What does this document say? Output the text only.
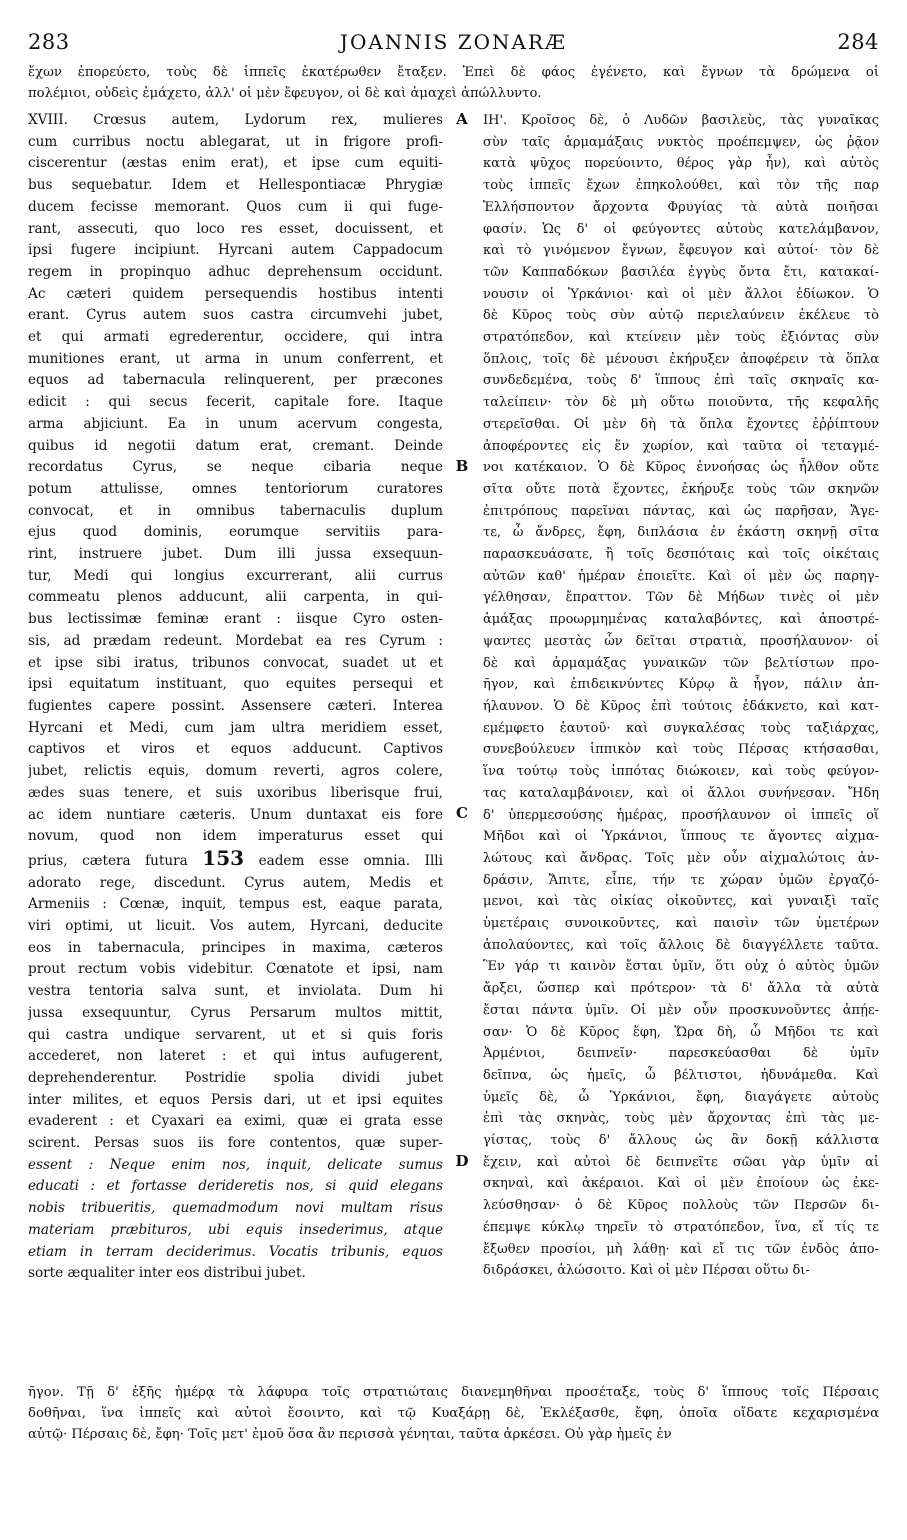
283	JOANNIS ZONARÆ	284
ἔχων ἐπορεύετο, τοὺς δὲ ἱππεῖς ἑκατέρωθεν ἔταξεν. Ἐπεὶ δὲ φάος ἐγένετο, καὶ ἔγνων τὰ δρώμενα οἱ
πολέμιοι, οὐδεὶς ἐμάχετο, ἀλλ' οἱ μὲν ἔφευγον, οἱ δὲ καὶ ἀμαχεὶ ἀπώλλυντο.
XVIII. Crœsus autem, Lydorum rex, mulieres
cum curribus noctu ablegarat, ut in frigore profi-
ciscerentur (æstas enim erat), et ipse cum equiti-
bus sequebatur. Idem et Hellespontiacæ Phrygiæ
ducem fecisse memorant. Quos cum ii qui fuge-
rant, assecuti, quo loco res esset, docuissent, et
ipsi fugere incipiunt. Hyrcani autem Cappadocum
regem in propinquo adhuc deprehensum occidunt.
Ac cæteri quidem persequendis hostibus intenti
erant. Cyrus autem suos castra circumvehi jubet,
et qui armati egrederentur, occidere, qui intra
munitiones erant, ut arma in unum conferrent, et
equos ad tabernacula relinquerent, per præcones
edicit : qui secus fecerit, capitale fore. Itaque
arma abjiciunt. Ea in unum acervum congesta,
quibus id negotii datum erat, cremant. Deinde
recordatus Cyrus, se neque cibaria neque
potum attulisse, omnes tentoriorum curatores
convocat, et in omnibus tabernaculis duplum
ejus quod dominis, eorumque servitiis para-
rint, instruere jubet. Dum illi jussa exsequun-
tur, Medi qui longius excurrerant, alii currus
commeatu plenos adducunt, alii carpenta, in qui-
bus lectissimæ feminæ erant : iisque Cyro osten-
sis, ad prædam redeunt. Mordebat ea res Cyrum :
et ipse sibi iratus, tribunos convocat, suadet ut et
ipsi equitatum instituant, quo equites persequi et
fugientes capere possint. Assensere cæteri. Interea
Hyrcani et Medi, cum jam ultra meridiem esset,
captivos et viros et equos adducunt. Captivos
jubet, relictis equis, domum reverti, agros colere,
ædes suas tenere, et suis uxoribus liberisque frui,
ac idem nuntiare cæteris. Unum duntaxat eis fore
novum, quod non idem imperaturus esset qui
prius, cætera futura 153 eadem esse omnia. Illi
adorato rege, discedunt. Cyrus autem, Medis et
Armeniis : Cœnæ, inquit, tempus est, eaque parata,
viri optimi, ut licuit. Vos autem, Hyrcani, deducite
eos in tabernacula, principes in maxima, cæteros
prout rectum vobis videbitur. Cœnatote et ipsi, nam
vestra tentoria salva sunt, et inviolata. Dum hi
jussa exsequuntur, Cyrus Persarum multos mittit,
qui castra undique servarent, ut et si quis foris
accederet, non lateret : et qui intus aufugerent,
deprehenderentur. Postridie spolia dividi jubet
inter milites, et equos Persis dari, ut et ipsi equites
evaderent : et Cyaxari ea eximi, quæ ei grata esse
scirent. Persas suos iis fore contentos, quæ super-
essent : Neque enim nos, inquit, delicate sumus
educati : et fortasse derideretis nos, si quid elegans
nobis tribueritis, quemadmodum novi multam risus
materiam præbituros, ubi equis insederimus, atque
etiam in terram deciderimus. Vocatis tribunis, equos
sorte æqualiter inter eos distribui jubet.
A
B
C
D
ΙΗ'. Κροῖσος δὲ, ὁ Λυδῶν βασιλεὺς, τὰς γυναῖκας
σὺν ταῖς ἁρμαμάξαις νυκτὸς προέπεμψεν, ὡς ῥᾷον
κατὰ ψῦχος πορεύοιντο, θέρος γὰρ ἦν), καὶ αὐτὸς
τοὺς ἱππεῖς ἔχων ἐπηκολούθει, καὶ τὸν τῆς παρ
Ἑλλήσποντον ἄρχοντα Φρυγίας τὰ αὐτὰ ποιῆσαι
φασίν. Ὡς δ' οἱ φεύγοντες αὐτοὺς κατελάμβανον,
καὶ τὸ γινόμενον ἔγνων, ἔφευγον καὶ αὐτοί· τὸν δὲ
τῶν Καππαδόκων βασιλέα ἐγγὺς ὄντα ἔτι, κατακαί-
νουσιν οἱ Ὑρκάνιοι· καὶ οἱ μὲν ἄλλοι ἐδίωκον. Ὁ
δὲ Κῦρος τοὺς σὺν αὐτῷ περιελαύνειν ἐκέλευε τὸ
στρατόπεδον, καὶ κτείνειν μὲν τοὺς ἐξιόντας σὺν
ὅπλοις, τοῖς δὲ μένουσι ἐκήρυξεν ἀποφέρειν τὰ ὅπλα
συνδεδεμένα, τοὺς δ' ἵππους ἐπὶ ταῖς σκηναῖς κα-
ταλείπειν· τὸν δὲ μὴ οὕτω ποιοῦντα, τῆς κεφαλῆς
στερεῖσθαι. Οἱ μὲν δὴ τὰ ὅπλα ἔχοντες ἐῤῥίπτουν
ἀποφέροντες εἰς ἕν χωρίον, καὶ ταῦτα οἱ τεταγμέ-
νοι κατέκαιον. Ὁ δὲ Κῦρος ἐννοήσας ὡς ἦλθον οὔτε
σῖτα οὔτε ποτὰ ἔχοντες, ἐκήρυξε τοὺς τῶν σκηνῶν
ἐπιτρόπους παρεῖναι πάντας, καὶ ὡς παρῆσαν, Ἄγε-
τε, ὦ ἄνδρες, ἔφη, διπλάσια ἐν ἑκάστη σκηνῇ σῖτα
παρασκευάσατε, ἢ τοῖς δεσπόταις καὶ τοῖς οἰκέταις
αὐτῶν καθ' ἡμέραν ἐποιεῖτε. Καὶ οἱ μὲν ὡς παρηγ-
γέλθησαν, ἔπραττον. Τῶν δὲ Μήδων τινὲς οἱ μὲν
ἁμάξας προωρμημένας καταλαβόντες, καὶ ἀποστρέ-
ψαντες μεστὰς ὧν δεῖται στρατιὰ, προσήλαυνον· οἱ
δὲ καὶ ἁρμαμάξας γυναικῶν τῶν βελτίστων προ-
ῆγον, καὶ ἐπιδεικνύντες Κύρῳ ἃ ἦγον, πάλιν ἀπ-
ήλαυνον. Ὁ δὲ Κῦρος ἐπὶ τούτοις ἐδάκνετο, καὶ κατ-
εμέμφετο ἑαυτοῦ· καὶ συγκαλέσας τοὺς ταξιάρχας,
συνεβούλευεν ἱππικὸν καὶ τοὺς Πέρσας κτήσασθαι,
ἵνα τούτῳ τοὺς ἱππότας διώκοιεν, καὶ τοὺς φεύγον-
τας καταλαμβάνοιεν, καὶ οἱ ἄλλοι συνήνεσαν. Ἤδη
δ' ὑπερμεσούσης ἡμέρας, προσήλαυνον οἱ ἱππεῖς οἵ
Μῆδοι καὶ οἱ Ὑρκάνιοι, ἵππους τε ἄγοντες αἰχμα-
λώτους καὶ ἄνδρας. Τοῖς μὲν οὖν αἰχμαλώτοις ἀν-
δράσιν, Ἄπιτε, εἶπε, τήν τε χώραν ὑμῶν ἐργαζό-
μενοι, καὶ τὰς οἰκίας οἰκοῦντες, καὶ γυναιξὶ ταῖς
ὑμετέραις συνοικοῦντες, καὶ παισὶν τῶν ὑμετέρων
ἀπολαύοντες, καὶ τοῖς ἄλλοις δὲ διαγγέλλετε ταῦτα.
Ἓν γάρ τι καινὸν ἔσται ὑμῖν, ὅτι οὐχ ὁ αὐτὸς ὑμῶν
ἄρξει, ὥσπερ καὶ πρότερον· τὰ δ' ἄλλα τὰ αὐτὰ
ἔσται πάντα ὑμῖν. Οἱ μὲν οὖν προσκυνοῦντες ἀπῄε-
σαν· Ὁ δὲ Κῦρος ἔφη, Ὥρα δὴ, ὦ Μῆδοι τε καὶ
Ἀρμένιοι, δειπνεῖν· παρεσκεύασθαι δὲ ὑμῖν
δεῖπνα, ὡς ἡμεῖς, ὦ βέλτιστοι, ἠδυνάμεθα. Καὶ
ὑμεῖς δὲ, ὦ Ὑρκάνιοι, ἔφη, διαγάγετε αὐτοὺς
ἐπὶ τὰς σκηνὰς, τοὺς μὲν ἄρχοντας ἐπὶ τὰς με-
γίστας, τοὺς δ' ἄλλους ὡς ἂν δοκῇ κάλλιστα
ἔχειν, καὶ αὐτοὶ δὲ δειπνεῖτε σῶαι γὰρ ὑμῖν αἱ
σκηναὶ, καὶ ἀκέραιοι. Καὶ οἱ μὲν ἐποίουν ὡς ἐκε-
λεύσθησαν· ὁ δὲ Κῦρος πολλοὺς τῶν Περσῶν δι-
έπεμψε κύκλῳ τηρεῖν τὸ στρατόπεδον, ἵνα, εἴ τίς τε
ἔξωθεν προσίοι, μὴ λάθῃ· καὶ εἴ τις τῶν ἐνδὸς ἀπο-
διδράσκει, ἁλώσοιτο. Καὶ οἱ μὲν Πέρσαι οὕτω δι-
ῆγον. Τῇ δ' ἑξῆς ἡμέρᾳ τὰ λάφυρα τοῖς στρατιώταις διανεμηθῆναι προσέταξε, τοὺς δ' ἵππους τοῖς Πέρσαις
δοθῆναι, ἵνα ἱππεῖς καὶ αὐτοὶ ἔσοιντο, καὶ τῷ Κυαξάρῃ δὲ, Ἐκλέξασθε, ἔφη, ὁποῖα οἴδατε κεχαρισμένα
αὐτῷ· Πέρσαις δὲ, ἔφη· Τοῖς μετ' ἐμοῦ ὅσα ἂν περισσὰ γένηται, ταῦτα ἀρκέσει. Οὐ γὰρ ἡμεῖς ἐν
